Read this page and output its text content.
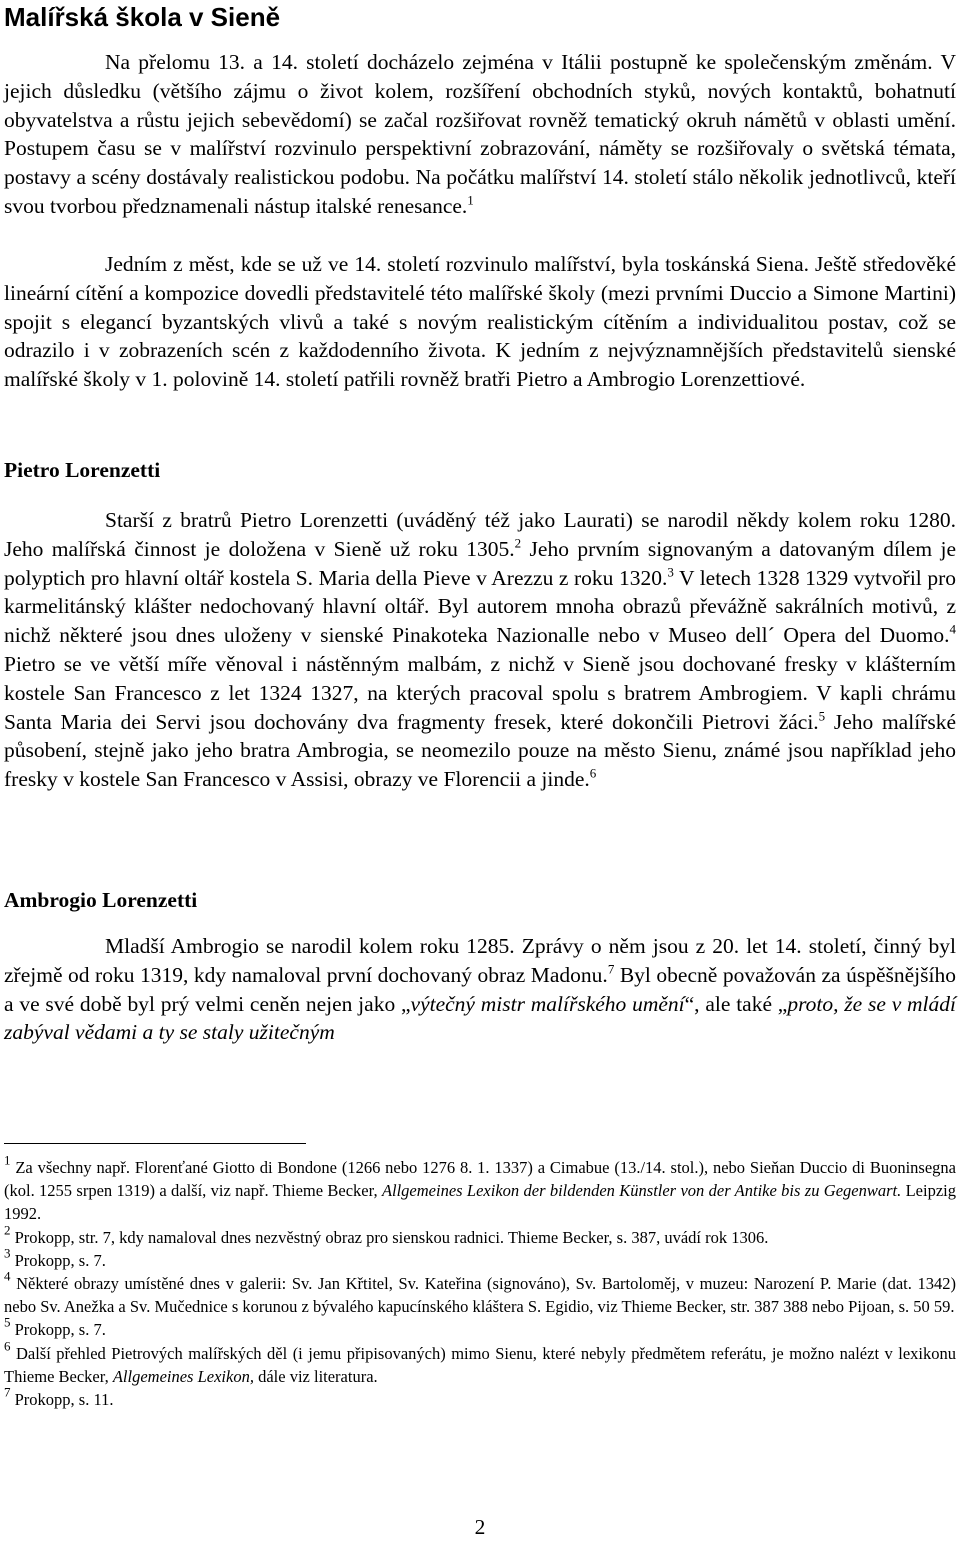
Malířská škola v Sieně

Na přelomu 13. a 14. století docházelo zejména v Itálii postupně ke společenským změnám. V jejich důsledku (většího zájmu o život kolem, rozšíření obchodních styků, nových kontaktů, bohatnutí obyvatelstva a růstu jejich sebevědomí) se začal rozšiřovat rovněž tematický okruh námětů v oblasti umění. Postupem času se v malířství rozvinulo perspektivní zobrazování, náměty se rozšiřovaly o světská témata, postavy a scény dostávaly realistickou podobu. Na počátku malířství 14. století stálo několik jednotlivců, kteří svou tvorbou předznamenali nástup italské renesance.$^1$

Jedním z měst, kde se už ve 14. století rozvinulo malířství, byla toskánská Siena. Ještě středověké lineární cítění a kompozice dovedli představitelé této malířské školy (mezi prvními Duccio a Simone Martini) spojit s elegancí byzantských vlivů a také s novým realistickým cítěním a individualitou postav, což se odrazilo i v zobrazeních scén z každodenního života. K jedním z nejvýznamnějších představitelů sienské malířské školy v 1. polovině 14. století patřili rovněž bratři Pietro a Ambrogio Lorenzettiové.

Pietro Lorenzetti

Starší z bratrů Pietro Lorenzetti (uváděný též jako Laurati) se narodil někdy kolem roku 1280. Jeho malířská činnost je doložena v Sieně už roku 1305.$^2$ Jeho prvním signovaným a datovaným dílem je polyptich pro hlavní oltář kostela S. Maria della Pieve v Arezzu z roku 1320.$^3$ V letech 1328 1329 vytvořil pro karmelitánský klášter nedochovaný hlavní oltář. Byl autorem mnoha obrazů převážně sakrálních motivů, z nichž některé jsou dnes uloženy v sienské Pinakoteka Nazionalle nebo v Museo dell´ Opera del Duomo.$^4$ Pietro se ve větší míře věnoval i nástěnným malbám, z nichž v Sieně jsou dochované fresky v klášterním kostele San Francesco z let 1324 1327, na kterých pracoval spolu s bratrem Ambrogiem. V kapli chrámu Santa Maria dei Servi jsou dochovány dva fragmenty fresek, které dokončili Pietrovi žáci.$^5$ Jeho malířské působení, stejně jako jeho bratra Ambrogia, se neomezilo pouze na město Sienu, známé jsou například jeho fresky v kostele San Francesco v Assisi, obrazy ve Florencii a jinde.$^6$

Ambrogio Lorenzetti

Mladší Ambrogio se narodil kolem roku 1285. Zprávy o něm jsou z 20. let 14. století, činný byl zřejmě od roku 1319, kdy namaloval první dochovaný obraz Madonu.$^7$ Byl obecně považován za úspěšnějšího a ve své době byl prý velmi ceněn nejen jako „výtečný mistr malířského umění“, ale také „proto, že se v mládí zabýval vědami a ty se staly užitečným

$^1$ Za všechny např. Florenťané Giotto di Bondone (1266 nebo 1276 8. 1. 1337) a Cimabue (13./14. stol.), nebo Sieňan Duccio di Buoninsegna (kol. 1255 srpen 1319) a další, viz např. Thieme Becker, Allgemeines Lexikon der bildenden Künstler von der Antike bis zu Gegenwart. Leipzig 1992.

$^2$ Prokopp, str. 7, kdy namaloval dnes nezvěstný obraz pro sienskou radnici. Thieme Becker, s. 387, uvádí rok 1306.

$^3$ Prokopp, s. 7.

$^4$ Některé obrazy umístěné dnes v galerii: Sv. Jan Křtitel, Sv. Kateřina (signováno), Sv. Bartoloměj, v muzeu: Narození P. Marie (dat. 1342) nebo Sv. Anežka a Sv. Mučednice s korunou z bývalého kapucínského kláštera S. Egidio, viz Thieme Becker, str. 387 388 nebo Pijoan, s. 50 59.

$^5$ Prokopp, s. 7.

$^6$ Další přehled Pietrových malířských děl (i jemu připisovaných) mimo Sienu, které nebyly předmětem referátu, je možno nalézt v lexikonu Thieme Becker, Allgemeines Lexikon, dále viz literatura.

$^7$ Prokopp, s. 11.

2
